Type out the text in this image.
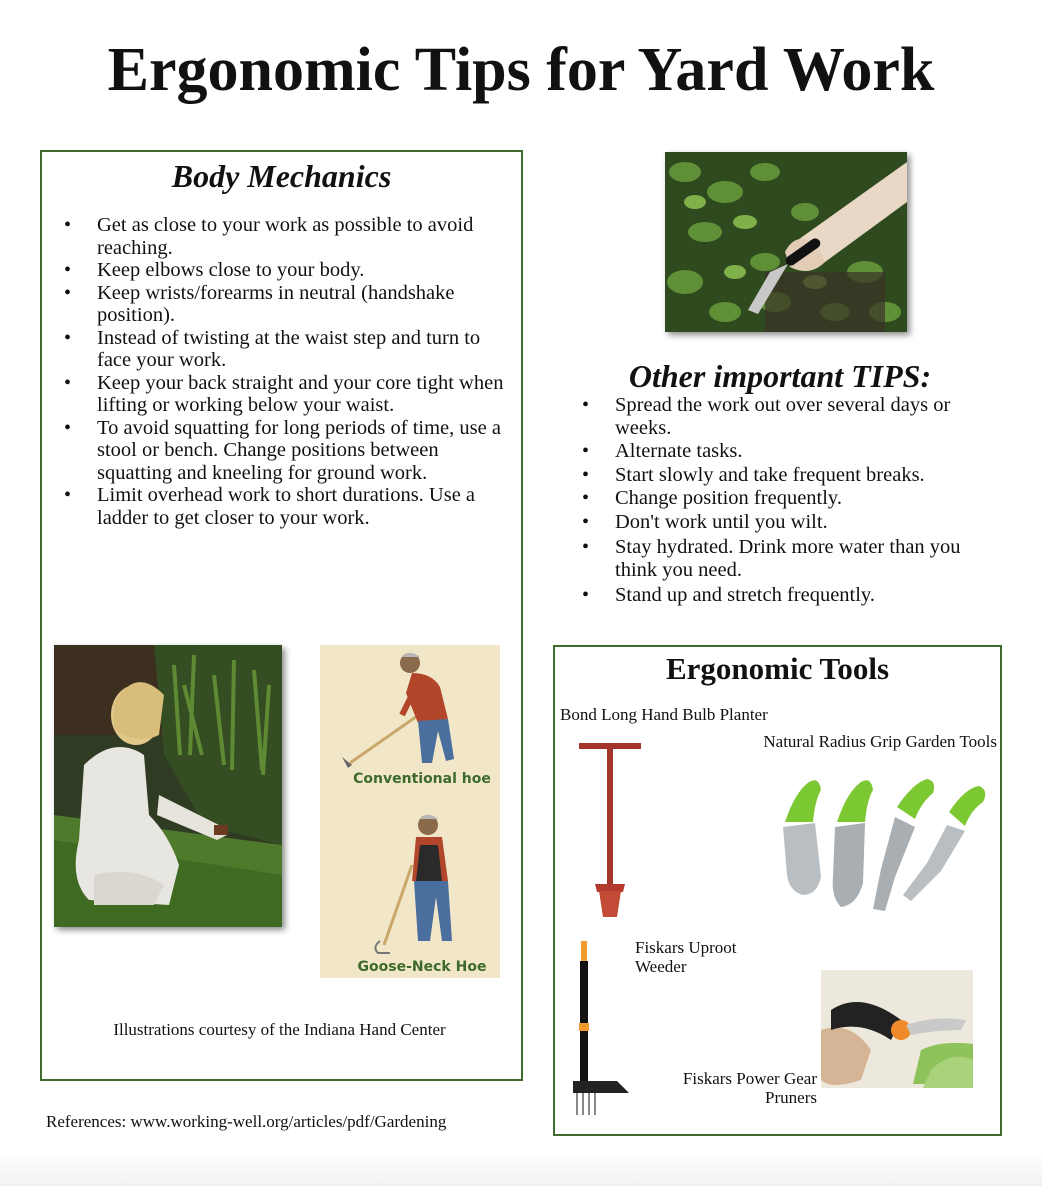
Ergonomic Tips for Yard Work
Body Mechanics
• Get as close to your work as possible to avoid reaching.
• Keep elbows close to your body.
• Keep wrists/forearms in neutral (handshake position).
• Instead of twisting at the waist step and turn to face your work.
• Keep your back straight and your core tight when lifting or working below your waist.
• To avoid squatting for long periods of time, use a stool or bench. Change positions between squatting and kneeling for ground work.
• Limit overhead work to short durations. Use a ladder to get closer to your work.
Conventional hoe
Goose-Neck Hoe
Illustrations courtesy of the Indiana Hand Center
Other important TIPS:
• Spread the work out over several days or weeks.
• Alternate tasks.
• Start slowly and take frequent breaks.
• Change position frequently.
• Don't work until you wilt.
• Stay hydrated. Drink more water than you think you need.
• Stand up and stretch frequently.
Ergonomic Tools
Bond Long Hand Bulb Planter
Natural Radius Grip Garden Tools
Fiskars Uproot Weeder
Fiskars Power Gear Pruners
References: www.working-well.org/articles/pdf/Gardening
